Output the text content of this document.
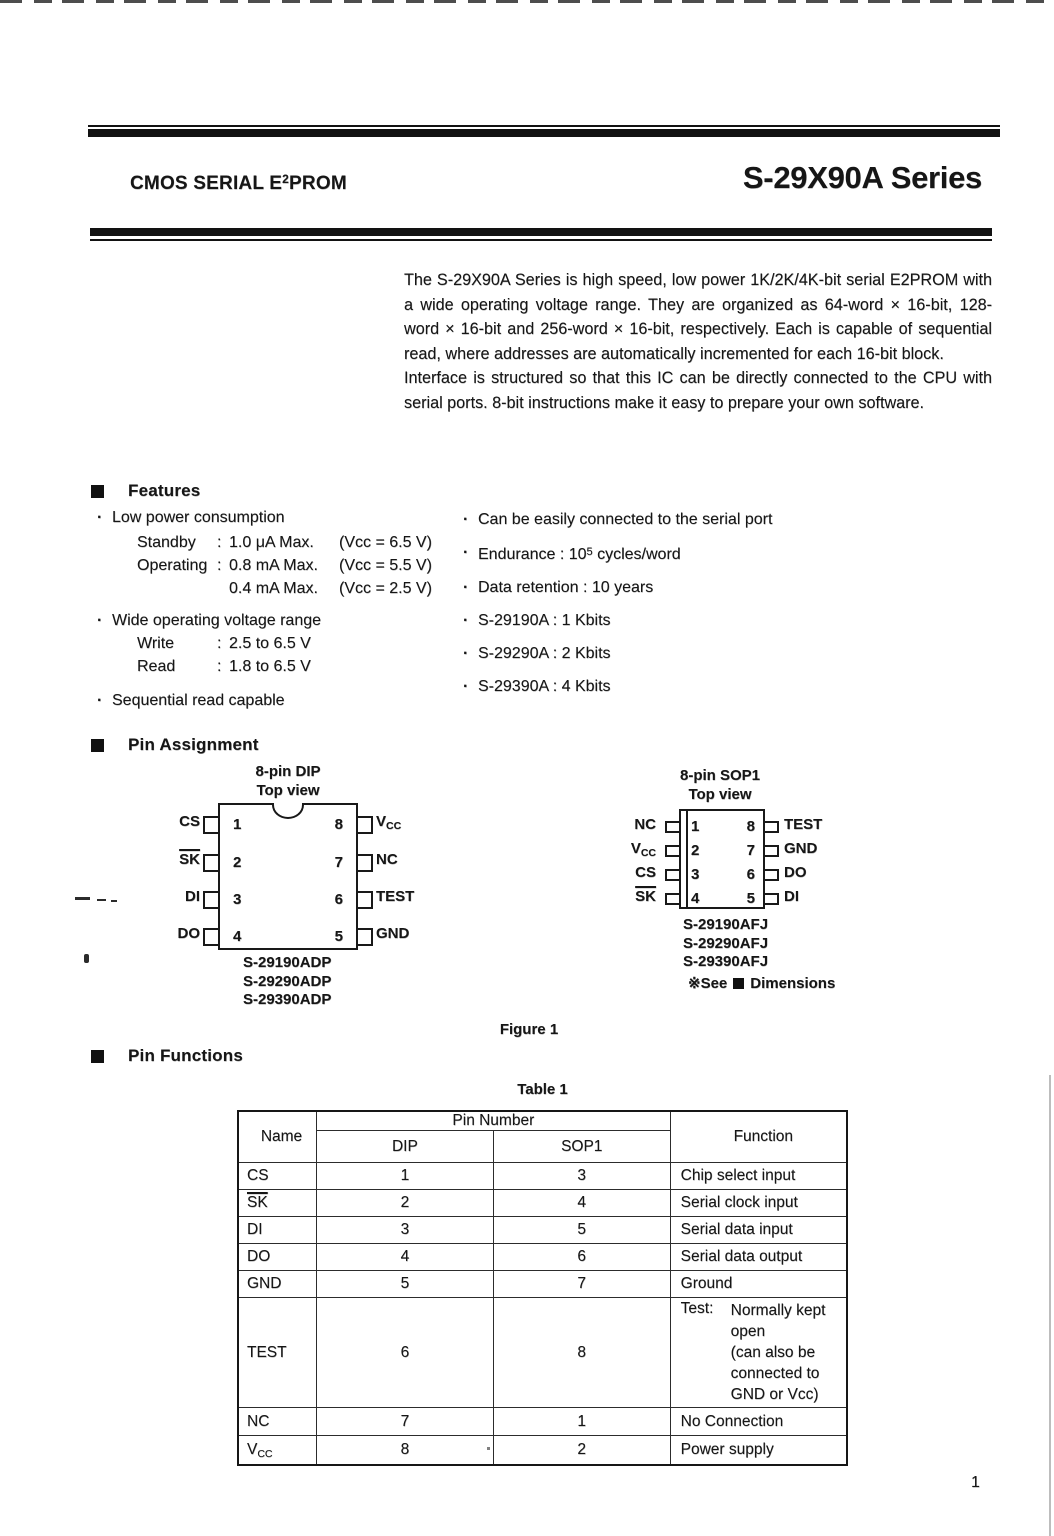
CMOS SERIAL $E^2PROM$	S-29X90A Series

The S-29X90A Series is high speed, low power 1K/2K/4K-bit serial E2PROM with a wide operating voltage range. They are organized as 64-word × 16-bit, 128-word × 16-bit and 256-word × 16-bit, respectively. Each is capable of sequential read, where addresses are automatically incremented for each 16-bit block.

Interface is structured so that this IC can be directly connected to the CPU with serial ports. 8-bit instructions make it easy to prepare your own software.

Features
· Low power consumption
Standby	: 1.0 μA Max.	(Vcc = 6.5 V)
Operating : 0.8 mA Max.	(Vcc = 5.5 V)
0.4 mA Max.	(Vcc = 2.5 V)
· Wide operating voltage range
Write	: 2.5 to 6.5 V
Read	: 1.8 to 6.5 V
· Sequential read capable
· Can be easily connected to the serial port
· Endurance : $10^5$ cycles/word
· Data retention : 10 years
· S-29190A : 1 Kbits
· S-29290A : 2 Kbits
· S-29390A : 4 Kbits
Pin Assignment
8-pin DIP
Top view
1
2
3
4
8
7
6
5
CS
$\overline{SK}$
DI
DO
$V_{CC}$
NC
TEST
GND
S-29190ADP
S-29290ADP
S-29390ADP
8-pin SOP1
Top view
1
2
3
4
8
7
6
5
NC
$V_{CC}$
CS
$\overline{SK}$
TEST
GND
DO
DI
S-29190AFJ
S-29290AFJ
S-29390AFJ
※See Dimensions
Figure 1
Pin Functions
Table 1
Name	Pin Number		Function
	DIP	SOP1	
CS	1	3	Chip select input
$\overline{SK}$	2	4	Serial clock input
DI	3	5	Serial data input
DO	4	6	Serial data output
GND	5	7	Ground
TEST	6	8	Test: Normally kept open
(can also be connected to GND or Vcc)

NC	7	1	No Connection
$V_{CC}$	8	2	Power supply
1
